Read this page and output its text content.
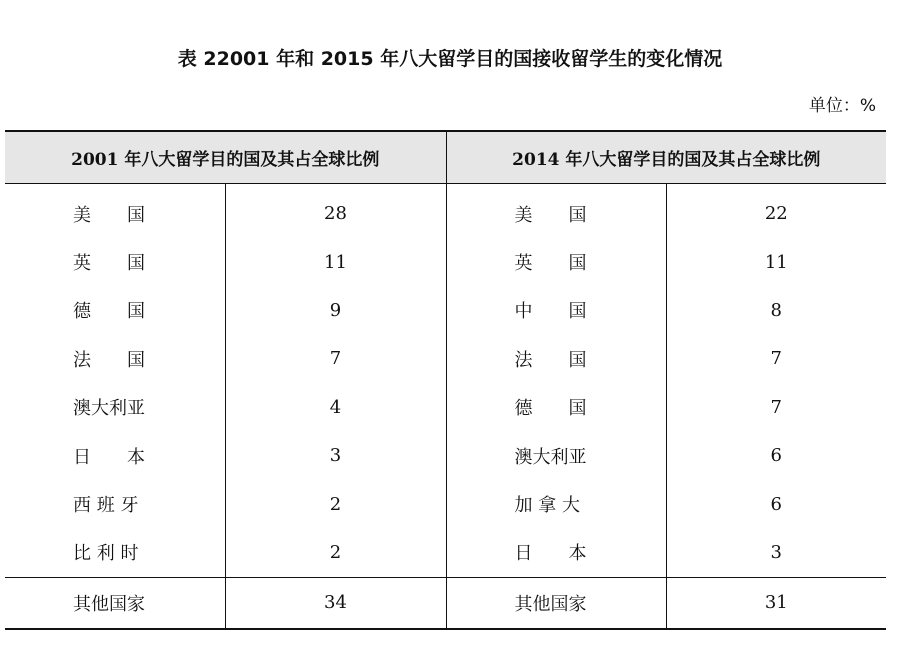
表 22001 年和 2015 年八大留学目的国接收留学生的变化情况
单位：%
2001 年八大留学目的国及其占全球比例		2014 年八大留学目的国及其占全球比例	
美　　国	28	美　　国	22
英　　国	11	英　　国	11
德　　国	9	中　　国	8
法　　国	7	法　　国	7
澳大利亚	4	德　　国	7
日　　本	3	澳大利亚	6
西 班 牙	2	加 拿 大	6
比 利 时	2	日　　本	3
其他国家	34	其他国家	31
